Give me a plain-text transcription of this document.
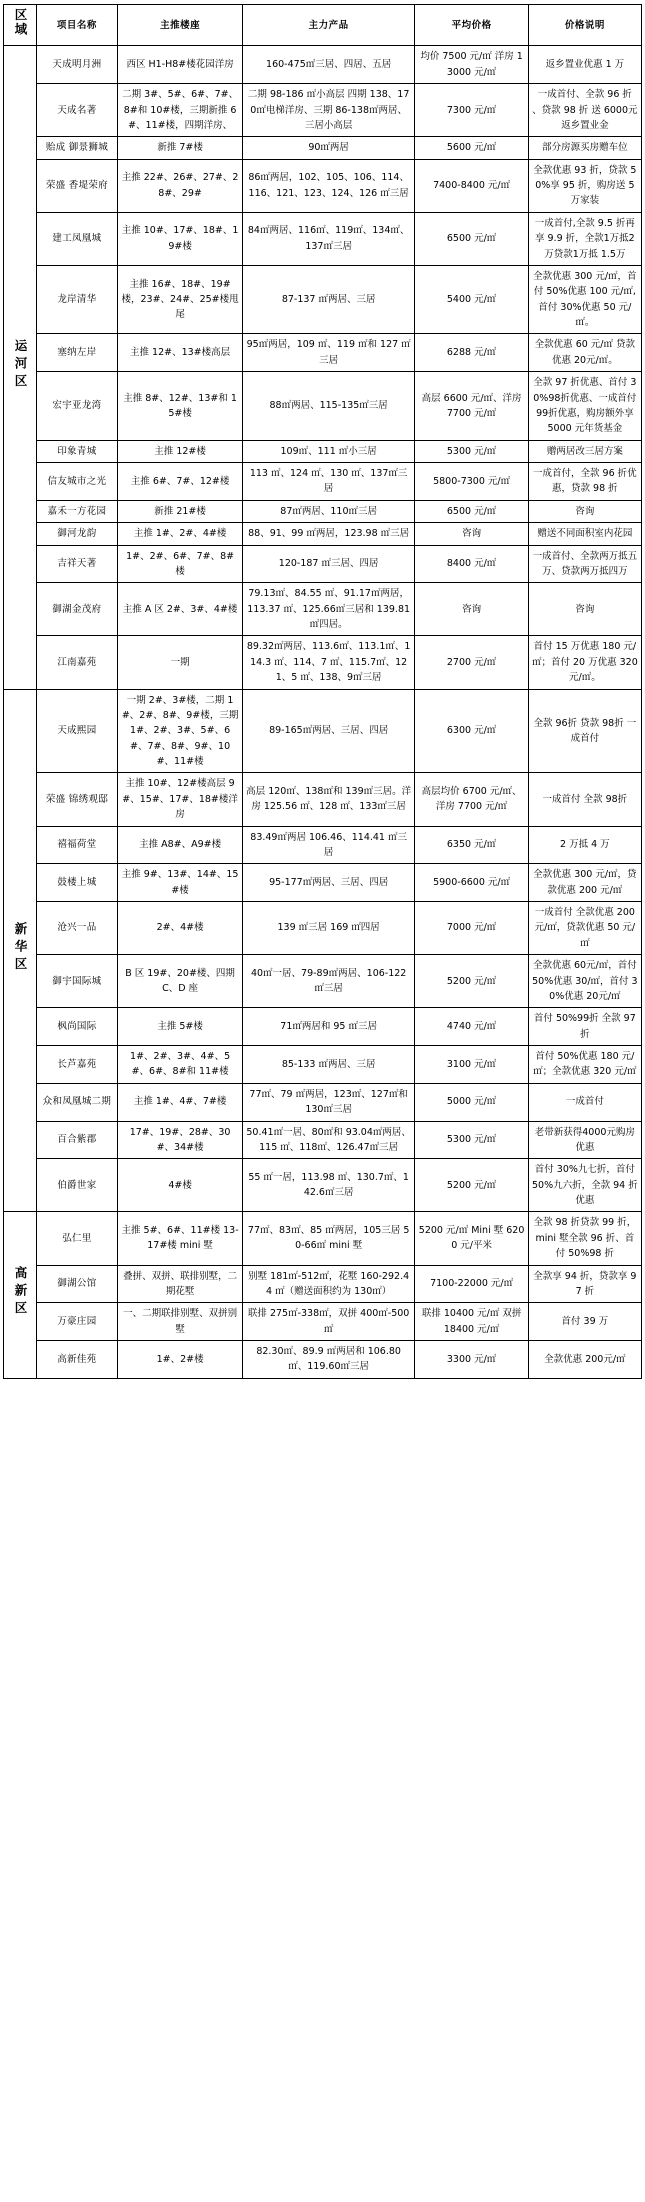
区域	项目名称	主推楼座	主力产品	平均价格	价格说明
运河区	天成明月洲	西区 H1-H8#楼花园洋房	160-475㎡三居、四居、五居	均价 7500 元/㎡ 洋房 13000 元/㎡	返乡置业优惠 1 万
	天成名著	二期 3#、5#、6#、7#、8#和 10#楼，三期新推 6#、11#楼，四期洋房、	二期 98-186 ㎡小高层 四期 138、170㎡电梯洋房、三期 86-138㎡两居、三居小高层	7300 元/㎡	一成首付、全款 96 折 、贷款 98 折 送 6000元返乡置业金
	贻成 御景狮城	新推 7#楼	90㎡两居	5600 元/㎡	部分房源买房赠车位
	荣盛 香堤荣府	主推 22#、26#、27#、28#、29#	86㎡两居，102、105、106、114、116、121、123、124、126 ㎡三居	7400-8400 元/㎡	全款优惠 93 折，贷款 50%享 95 折，购房送 5 万家装
	建工凤凰城	主推 10#、17#、18#、19#楼	84㎡两居、116㎡、119㎡、134㎡、137㎡三居	6500 元/㎡	一成首付,全款 9.5 折再享 9.9 折，全款1万抵2万贷款1万抵 1.5万
	龙岸清华	主推 16#、18#、19#楼，23#、24#、25#楼甩尾	87-137 ㎡两居、三居	5400 元/㎡	全款优惠 300 元/㎡，首付 50%优惠 100 元/㎡,首付 30%优惠 50 元/㎡。
	塞纳左岸	主推 12#、13#楼高层	95㎡两居，109 ㎡、119 ㎡和 127 ㎡三居	6288 元/㎡	全款优惠 60 元/㎡ 贷款优惠 20元/㎡。
	宏宇亚龙湾	主推 8#、12#、13#和 15#楼	88㎡两居、115-135㎡三居	高层 6600 元/㎡、洋房 7700 元/㎡	全款 97 折优惠、首付 30%98折优惠、一成首付99折优惠，购房额外享 5000 元年货基金
	印象青城	主推 12#楼	109㎡、111 ㎡小三居	5300 元/㎡	赠两居改三居方案
	信友城市之光	主推 6#、7#、12#楼	113 ㎡、124 ㎡、130 ㎡、137㎡三居	5800-7300 元/㎡	一成首付，全款 96 折优惠，贷款 98 折
	嘉禾一方花园	新推 21#楼	87㎡两居、110㎡三居	6500 元/㎡	咨询
	御河龙韵	主推 1#、2#、4#楼	88、91、99 ㎡两居，123.98 ㎡三居	咨询	赠送不同面积室内花园
	吉祥天著	1#、2#、6#、7#、8#楼	120-187 ㎡三居、四居	8400 元/㎡	一成首付、全款两万抵五万、贷款两万抵四万
	御湖金茂府	主推 A 区 2#、3#、4#楼	79.13㎡、84.55 ㎡、91.17㎡两居，113.37 ㎡、125.66㎡三居和 139.81 ㎡四居。	咨询	咨询
	江南嘉苑	一期	89.32㎡两居、113.6㎡、113.1㎡、114.3 ㎡、114、7 ㎡、115.7㎡、121、5 ㎡、138、9㎡三居	2700 元/㎡	首付 15 万优惠 180 元/㎡；首付 20 万优惠 320 元/㎡。
新华区	天成熙园	一期 2#、3#楼，二期 1#、2#、8#、9#楼，三期 1#、2#、3#、5#、6#、7#、8#、9#、10#、11#楼	89-165㎡两居、三居、四居	6300 元/㎡	全款 96折 贷款 98折 一成首付
	荣盛 锦绣观邸	主推 10#、12#楼高层 9#、15#、17#、18#楼洋房	高层 120㎡、138㎡和 139㎡三居。洋房 125.56 ㎡、128 ㎡、133㎡三居	高层均价 6700 元/㎡、洋房 7700 元/㎡	一成首付 全款 98折
	禧福荷堂	主推 A8#、A9#楼	83.49㎡两居 106.46、114.41 ㎡三居	6350 元/㎡	2 万抵 4 万
	鼓楼上城	主推 9#、13#、14#、15#楼	95-177㎡两居、三居、四居	5900-6600 元/㎡	全款优惠 300 元/㎡，贷款优惠 200 元/㎡
	沧兴一品	2#、4#楼	139 ㎡三居 169 ㎡四居	7000 元/㎡	一成首付 全款优惠 200 元/㎡，贷款优惠 50 元/㎡
	御宇国际城	B 区 19#、20#楼、四期 C、D 座	40㎡一居、79-89㎡两居、106-122 ㎡三居	5200 元/㎡	全款优惠 60元/㎡，首付 50%优惠 30/㎡，首付 30%优惠 20元/㎡
	枫尚国际	主推 5#楼	71㎡两居和 95 ㎡三居	4740 元/㎡	首付 50%99折 全款 97折
	长芦嘉苑	1#、2#、3#、4#、5#、6#、8#和 11#楼	85-133 ㎡两居、三居	3100 元/㎡	首付 50%优惠 180 元/㎡；全款优惠 320 元/㎡
	众和凤凰城二期	主推 1#、4#、7#楼	77㎡、79 ㎡两居，123㎡、127㎡和 130㎡三居	5000 元/㎡	一成首付
	百合紫郡	17#、19#、28#、30#、34#楼	50.41㎡一居、80㎡和 93.04㎡两居、115 ㎡、118㎡、126.47㎡三居	5300 元/㎡	老带新获得4000元购房优惠
	伯爵世家	4#楼	55 ㎡一居，113.98 ㎡、130.7㎡、142.6㎡三居	5200 元/㎡	首付 30%九七折，首付 50%九六折，全款 94 折优惠
高新区	弘仁里	主推 5#、6#、11#楼 13-17#楼 mini 墅	77㎡、83㎡、85 ㎡两居，105三居 50-66㎡ mini 墅	5200 元/㎡ Mini 墅 6200 元/平米	全款 98 折贷款 99 折，mini 墅全款 96 折、首付 50%98 折
	御湖公馆	叠拼、双拼、联排别墅，二期花墅	别墅 181㎡-512㎡，花墅 160-292.44 ㎡（赠送面积约为 130㎡）	7100-22000 元/㎡	全款享 94 折，贷款享 97 折
	万豪庄园	一、二期联排别墅、双拼别墅	联排 275㎡-338㎡，双拼 400㎡-500 ㎡	联排 10400 元/㎡ 双拼 18400 元/㎡	首付 39 万
	高新佳苑	1#、2#楼	82.30㎡、89.9 ㎡两居和 106.80 ㎡、119.60㎡三居	3300 元/㎡	全款优惠 200元/㎡
